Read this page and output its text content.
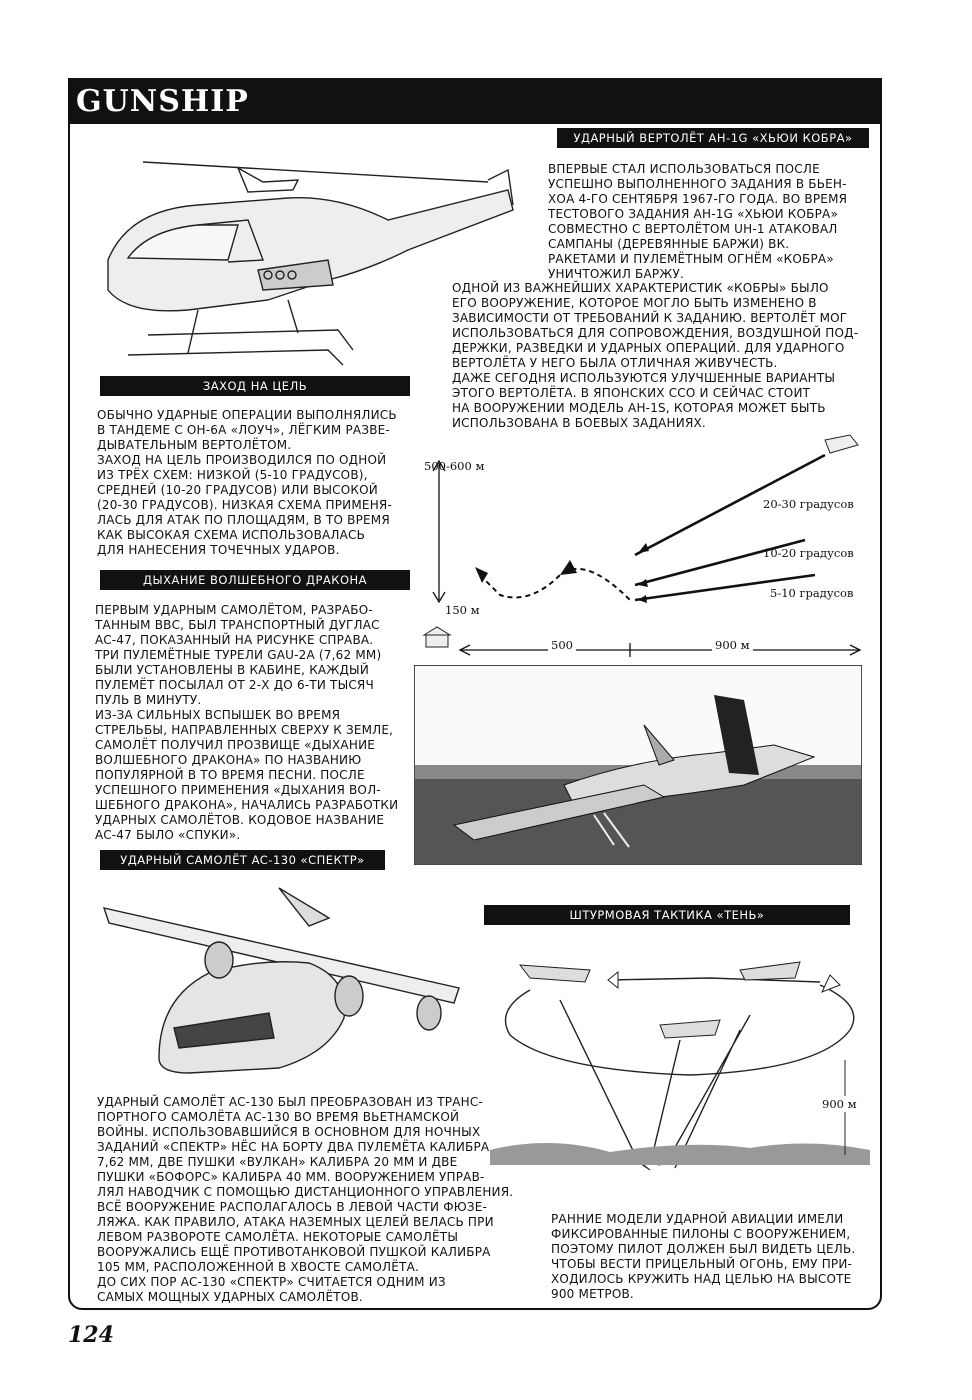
GUNSHIP
УДАРНЫЙ ВЕРТОЛЁТ AH-1G «ХЬЮИ КОБРА»
ВПЕРВЫЕ СТАЛ ИСПОЛЬЗОВАТЬСЯ ПОСЛЕ
УСПЕШНО ВЫПОЛНЕННОГО ЗАДАНИЯ В БЬЕН-
ХОА 4-ГО СЕНТЯБРЯ 1967-ГО ГОДА. ВО ВРЕМЯ
ТЕСТОВОГО ЗАДАНИЯ AH-1G «ХЬЮИ КОБРА»
СОВМЕСТНО С ВЕРТОЛЁТОМ UH-1 АТАКОВАЛ
САМПАНЫ (ДЕРЕВЯННЫЕ БАРЖИ) ВК.
РАКЕТАМИ И ПУЛЕМЁТНЫМ ОГНЁМ «КОБРА»
УНИЧТОЖИЛ БАРЖУ.
ОДНОЙ ИЗ ВАЖНЕЙШИХ ХАРАКТЕРИСТИК «КОБРЫ» БЫЛО
ЕГО ВООРУЖЕНИЕ, КОТОРОЕ МОГЛО БЫТЬ ИЗМЕНЕНО В
ЗАВИСИМОСТИ ОТ ТРЕБОВАНИЙ К ЗАДАНИЮ. ВЕРТОЛЁТ МОГ
ИСПОЛЬЗОВАТЬСЯ ДЛЯ СОПРОВОЖДЕНИЯ, ВОЗДУШНОЙ ПОД-
ДЕРЖКИ, РАЗВЕДКИ И УДАРНЫХ ОПЕРАЦИЙ. ДЛЯ УДАРНОГО
ВЕРТОЛЁТА У НЕГО БЫЛА ОТЛИЧНАЯ ЖИВУЧЕСТЬ.
ДАЖЕ СЕГОДНЯ ИСПОЛЬЗУЮТСЯ УЛУЧШЕННЫЕ ВАРИАНТЫ
ЭТОГО ВЕРТОЛЁТА. В ЯПОНСКИХ ССО И СЕЙЧАС СТОИТ
НА ВООРУЖЕНИИ МОДЕЛЬ AH-1S, КОТОРАЯ МОЖЕТ БЫТЬ
ИСПОЛЬЗОВАНА В БОЕВЫХ ЗАДАНИЯХ.
ЗАХОД НА ЦЕЛЬ
ОБЫЧНО УДАРНЫЕ ОПЕРАЦИИ ВЫПОЛНЯЛИСЬ
В ТАНДЕМЕ С OH-6A «ЛОУЧ», ЛЁГКИМ РАЗВЕ-
ДЫВАТЕЛЬНЫМ ВЕРТОЛЁТОМ.
ЗАХОД НА ЦЕЛЬ ПРОИЗВОДИЛСЯ ПО ОДНОЙ
ИЗ ТРЁХ СХЕМ: НИЗКОЙ (5-10 ГРАДУСОВ),
СРЕДНЕЙ (10-20 ГРАДУСОВ) ИЛИ ВЫСОКОЙ
(20-30 ГРАДУСОВ). НИЗКАЯ СХЕМА ПРИМЕНЯ-
ЛАСЬ ДЛЯ АТАК ПО ПЛОЩАДЯМ, В ТО ВРЕМЯ
КАК ВЫСОКАЯ СХЕМА ИСПОЛЬЗОВАЛАСЬ
ДЛЯ НАНЕСЕНИЯ ТОЧЕЧНЫХ УДАРОВ.
500-600 м
150 м
20-30 градусов
10-20 градусов
5-10 градусов
500	900 м
ДЫХАНИЕ ВОЛШЕБНОГО ДРАКОНА
ПЕРВЫМ УДАРНЫМ САМОЛЁТОМ, РАЗРАБО-
ТАННЫМ ВВС, БЫЛ ТРАНСПОРТНЫЙ ДУГЛАС
AC-47, ПОКАЗАННЫЙ НА РИСУНКЕ СПРАВА.
ТРИ ПУЛЕМЁТНЫЕ ТУРЕЛИ GAU-2A (7,62 ММ)
БЫЛИ УСТАНОВЛЕНЫ В КАБИНЕ, КАЖДЫЙ
ПУЛЕМЁТ ПОСЫЛАЛ ОТ 2-Х ДО 6-ТИ ТЫСЯЧ
ПУЛЬ В МИНУТУ.
ИЗ-ЗА СИЛЬНЫХ ВСПЫШЕК ВО ВРЕМЯ
СТРЕЛЬБЫ, НАПРАВЛЕННЫХ СВЕРХУ К ЗЕМЛЕ,
САМОЛЁТ ПОЛУЧИЛ ПРОЗВИЩЕ «ДЫХАНИЕ
ВОЛШЕБНОГО ДРАКОНА» ПО НАЗВАНИЮ
ПОПУЛЯРНОЙ В ТО ВРЕМЯ ПЕСНИ. ПОСЛЕ
УСПЕШНОГО ПРИМЕНЕНИЯ «ДЫХАНИЯ ВОЛ-
ШЕБНОГО ДРАКОНА», НАЧАЛИСЬ РАЗРАБОТКИ
УДАРНЫХ САМОЛЁТОВ. КОДОВОЕ НАЗВАНИЕ
AC-47 БЫЛО «СПУКИ».
УДАРНЫЙ САМОЛЁТ AC-130 «СПЕКТР»
УДАРНЫЙ САМОЛЁТ AC-130 БЫЛ ПРЕОБРАЗОВАН ИЗ ТРАНС-
ПОРТНОГО САМОЛЁТА AC-130 ВО ВРЕМЯ ВЬЕТНАМСКОЙ
ВОЙНЫ. ИСПОЛЬЗОВАВШИЙСЯ В ОСНОВНОМ ДЛЯ НОЧНЫХ
ЗАДАНИЙ «СПЕКТР» НЁС НА БОРТУ ДВА ПУЛЕМЁТА КАЛИБРА
7,62 ММ, ДВЕ ПУШКИ «ВУЛКАН» КАЛИБРА 20 ММ И ДВЕ
ПУШКИ «БОФОРС» КАЛИБРА 40 ММ. ВООРУЖЕНИЕМ УПРАВ-
ЛЯЛ НАВОДЧИК С ПОМОЩЬЮ ДИСТАНЦИОННОГО УПРАВЛЕНИЯ.
ВСЁ ВООРУЖЕНИЕ РАСПОЛАГАЛОСЬ В ЛЕВОЙ ЧАСТИ ФЮЗЕ-
ЛЯЖА. КАК ПРАВИЛО, АТАКА НАЗЕМНЫХ ЦЕЛЕЙ ВЕЛАСЬ ПРИ
ЛЕВОМ РАЗВОРОТЕ САМОЛЁТА. НЕКОТОРЫЕ САМОЛЁТЫ
ВООРУЖАЛИСЬ ЕЩЁ ПРОТИВОТАНКОВОЙ ПУШКОЙ КАЛИБРА
105 ММ, РАСПОЛОЖЕННОЙ В ХВОСТЕ САМОЛЁТА.
ДО СИХ ПОР AC-130 «СПЕКТР» СЧИТАЕТСЯ ОДНИМ ИЗ
САМЫХ МОЩНЫХ УДАРНЫХ САМОЛЁТОВ.
ШТУРМОВАЯ ТАКТИКА «ТЕНЬ»
900 м
РАННИЕ МОДЕЛИ УДАРНОЙ АВИАЦИИ ИМЕЛИ
ФИКСИРОВАННЫЕ ПИЛОНЫ С ВООРУЖЕНИЕМ,
ПОЭТОМУ ПИЛОТ ДОЛЖЕН БЫЛ ВИДЕТЬ ЦЕЛЬ.
ЧТОБЫ ВЕСТИ ПРИЦЕЛЬНЫЙ ОГОНЬ, ЕМУ ПРИ-
ХОДИЛОСЬ КРУЖИТЬ НАД ЦЕЛЬЮ НА ВЫСОТЕ
900 МЕТРОВ.
124
